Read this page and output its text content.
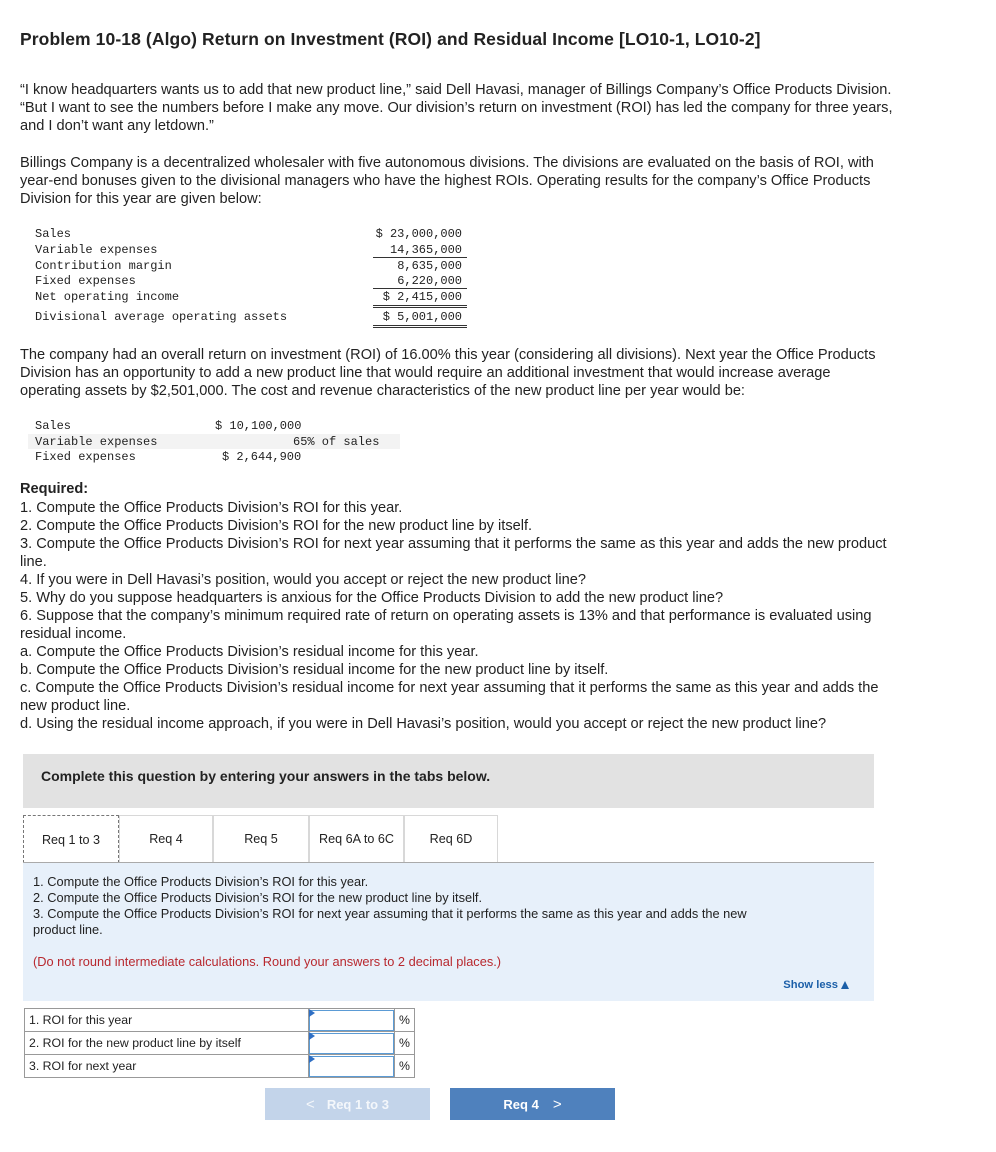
Problem 10-18 (Algo) Return on Investment (ROI) and Residual Income [LO10-1, LO10-2]
“I know headquarters wants us to add that new product line,” said Dell Havasi, manager of Billings Company’s Office Products Division.
“But I want to see the numbers before I make any move. Our division’s return on investment (ROI) has led the company for three years,
and I don’t want any letdown.”
Billings Company is a decentralized wholesaler with five autonomous divisions. The divisions are evaluated on the basis of ROI, with
year-end bonuses given to the divisional managers who have the highest ROIs. Operating results for the company’s Office Products
Division for this year are given below:
Sales	$ 23,000,000
Variable expenses	14,365,000
Contribution margin	8,635,000
Fixed expenses	6,220,000
Net operating income	$ 2,415,000
Divisional average operating assets	$ 5,001,000
The company had an overall return on investment (ROI) of 16.00% this year (considering all divisions). Next year the Office Products
Division has an opportunity to add a new product line that would require an additional investment that would increase average
operating assets by $2,501,000. The cost and revenue characteristics of the new product line per year would be:
Sales	$ 10,100,000
Variable expenses	65% of sales
Fixed expenses	$ 2,644,900
Required:
1. Compute the Office Products Division’s ROI for this year.
2. Compute the Office Products Division’s ROI for the new product line by itself.
3. Compute the Office Products Division’s ROI for next year assuming that it performs the same as this year and adds the new product
line.
4. If you were in Dell Havasi’s position, would you accept or reject the new product line?
5. Why do you suppose headquarters is anxious for the Office Products Division to add the new product line?
6. Suppose that the company’s minimum required rate of return on operating assets is 13% and that performance is evaluated using
residual income.
a. Compute the Office Products Division’s residual income for this year.
b. Compute the Office Products Division’s residual income for the new product line by itself.
c. Compute the Office Products Division’s residual income for next year assuming that it performs the same as this year and adds the
new product line.
d. Using the residual income approach, if you were in Dell Havasi’s position, would you accept or reject the new product line?
Complete this question by entering your answers in the tabs below.
Req 1 to 3	Req 4	Req 5	Req 6A to 6C	Req 6D
1. Compute the Office Products Division’s ROI for this year.
2. Compute the Office Products Division’s ROI for the new product line by itself.
3. Compute the Office Products Division’s ROI for next year assuming that it performs the same as this year and adds the new
product line.
(Do not round intermediate calculations. Round your answers to 2 decimal places.)
Show less
1. ROI for this year		%
2. ROI for the new product line by itself		%
3. ROI for next year		%
< Req 1 to 3	Req 4 >
